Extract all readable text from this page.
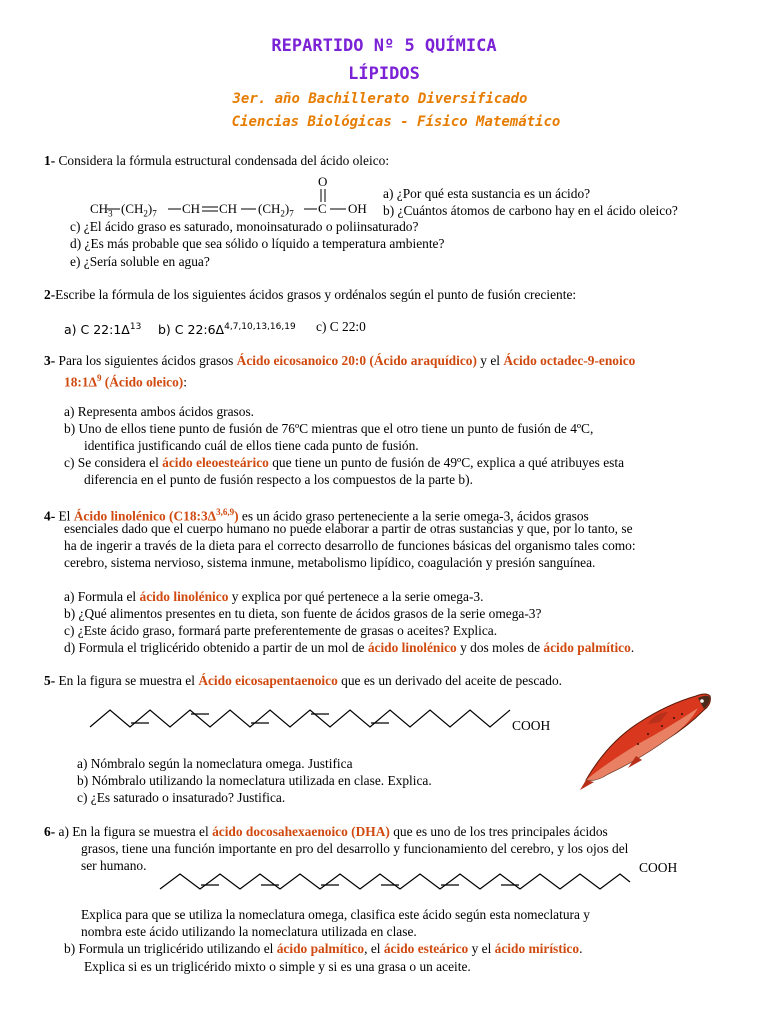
REPARTIDO Nº 5 QUÍMICA
LÍPIDOS
3er. año Bachillerato Diversificado
Ciencias Biológicas - Físico Matemático
1- Considera la fórmula estructural condensada del ácido oleico:
$CH_3$ $(CH_2)_7$ CH CH $(CH_2)_7$ C OH
O
a) ¿Por qué esta sustancia es un ácido?
b) ¿Cuántos átomos de carbono hay en el ácido oleico?
c) ¿El ácido graso es saturado, monoinsaturado o poliinsaturado?
d) ¿Es más probable que sea sólido o líquido a temperatura ambiente?
e) ¿Sería soluble en agua?
2-Escribe la fórmula de los siguientes ácidos grasos y ordénalos según el punto de fusión creciente:
a) C $22:1\Delta^{13}$ b) C $22:6\Delta^{4,7,10,13,16,19}$ c) C 22:0
3- Para los siguientes ácidos grasos Ácido eicosanoico 20:0 (Ácido araquídico) y el Ácido octadec-9-enoico
$18:1\Delta^9$ (Ácido oleico):
a) Representa ambos ácidos grasos.
b) Uno de ellos tiene punto de fusión de 76ºC mientras que el otro tiene un punto de fusión de 4ºC,
identifica justificando cuál de ellos tiene cada punto de fusión.
c) Se considera el ácido eleoesteárico que tiene un punto de fusión de 49ºC, explica a qué atribuyes esta
diferencia en el punto de fusión respecto a los compuestos de la parte b).
4- El Ácido linolénico $(C18:3\Delta^{3,6,9})$ es un ácido graso perteneciente a la serie omega-3, ácidos grasos
esenciales dado que el cuerpo humano no puede elaborar a partir de otras sustancias y que, por lo tanto, se
ha de ingerir a través de la dieta para el correcto desarrollo de funciones básicas del organismo tales como:
cerebro, sistema nervioso, sistema inmune, metabolismo lipídico, coagulación y presión sanguínea.
a) Formula el ácido linolénico y explica por qué pertenece a la serie omega-3.
b) ¿Qué alimentos presentes en tu dieta, son fuente de ácidos grasos de la serie omega-3?
c) ¿Este ácido graso, formará parte preferentemente de grasas o aceites? Explica.
d) Formula el triglicérido obtenido a partir de un mol de ácido linolénico y dos moles de ácido palmítico.
5- En la figura se muestra el Ácido eicosapentaenoico que es un derivado del aceite de pescado.
COOH
a) Nómbralo según la nomeclatura omega. Justifica
b) Nómbralo utilizando la nomeclatura utilizada en clase. Explica.
c) ¿Es saturado o insaturado? Justifica.
6- a) En la figura se muestra el ácido docosahexaenoico (DHA) que es uno de los tres principales ácidos
grasos, tiene una función importante en pro del desarrollo y funcionamiento del cerebro, y los ojos del
ser humano.	COOH
Explica para que se utiliza la nomeclatura omega, clasifica este ácido según esta nomeclatura y
nombra este ácido utilizando la nomeclatura utilizada en clase.
b) Formula un triglicérido utilizando el ácido palmítico, el ácido esteárico y el ácido mirístico.
Explica si es un triglicérido mixto o simple y si es una grasa o un aceite.
